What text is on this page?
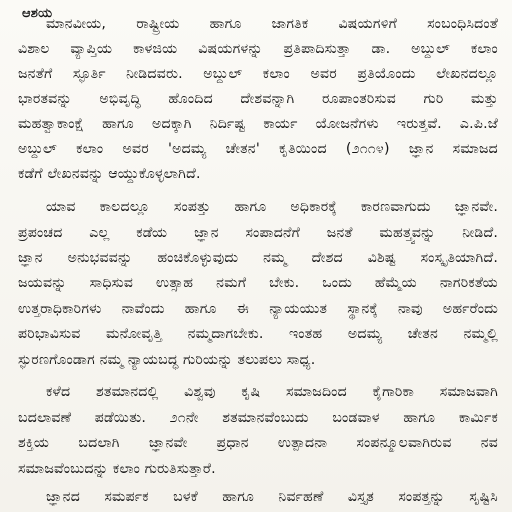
ಆಶಯ
ಮಾನವೀಯ, ರಾಷ್ಟ್ರೀಯ ಹಾಗೂ ಜಾಗತಿಕ ವಿಷಯಗಳಿಗೆ ಸಂಬಂಧಿಸಿದಂತೆ
ವಿಶಾಲ ವ್ಯಾಪ್ತಿಯ ಕಾಳಜಿಯ ವಿಷಯಗಳನ್ನು ಪ್ರತಿಪಾದಿಸುತ್ತಾ ಡಾ. ಅಬ್ದುಲ್ ಕಲಾಂ
ಜನತೆಗೆ ಸ್ಫೂರ್ತಿ ನೀಡಿದವರು. ಅಬ್ದುಲ್ ಕಲಾಂ ಅವರ ಪ್ರತಿಯೊಂದು ಲೇಖನದಲ್ಲೂ
ಭಾರತವನ್ನು ಅಭಿವೃದ್ಧಿ ಹೊಂದಿದ ದೇಶವನ್ನಾಗಿ ರೂಪಾಂತರಿಸುವ ಗುರಿ ಮತ್ತು
ಮಹತ್ವಾಕಾಂಕ್ಷೆ ಹಾಗೂ ಅದಕ್ಕಾಗಿ ನಿರ್ದಿಷ್ಟ ಕಾರ್ಯ ಯೋಜನೆಗಳು ಇರುತ್ತವೆ. ಎ.ಪಿ.ಜೆ
ಅಬ್ದುಲ್ ಕಲಾಂ ಅವರ 'ಅದಮ್ಯ ಚೇತನ' ಕೃತಿಯಿಂದ (೨೧೧೪) ಜ್ಞಾನ ಸಮಾಜದ
ಕಡೆಗೆ ಲೇಖನವನ್ನು ಆಯ್ದುಕೊಳ್ಳಲಾಗಿದೆ.
ಯಾವ ಕಾಲದಲ್ಲೂ ಸಂಪತ್ತು ಹಾಗೂ ಅಧಿಕಾರಕ್ಕೆ ಕಾರಣವಾಗುದು ಜ್ಞಾನವೇ.
ಪ್ರಪಂಚದ ಎಲ್ಲ ಕಡೆಯ ಜ್ಞಾನ ಸಂಪಾದನೆಗೆ ಜನತೆ ಮಹತ್ತ್ವವನ್ನು ನೀಡಿದೆ.
ಜ್ಞಾನ ಅನುಭವವನ್ನು ಹಂಚಿಕೊಳ್ಳುವುದು ನಮ್ಮ ದೇಶದ ವಿಶಿಷ್ಟ ಸಂಸ್ಕೃತಿಯಾಗಿದೆ.
ಜಯವನ್ನು ಸಾಧಿಸುವ ಉತ್ಸಾಹ ನಮಗೆ ಬೇಕು. ಒಂದು ಹೆಮ್ಮೆಯ ನಾಗರಿಕತೆಯ
ಉತ್ತರಾಧಿಕಾರಿಗಳು ನಾವೆಂದು ಹಾಗೂ ಈ ನ್ಯಾಯಯುತ ಸ್ಥಾನಕ್ಕೆ ನಾವು ಅರ್ಹರೆಂದು
ಪರಿಭಾವಿಸುವ ಮನೋವೃತ್ತಿ ನಮ್ಮದಾಗಬೇಕು. ಇಂತಹ ಅದಮ್ಯ ಚೇತನ ನಮ್ಮಲ್ಲಿ
ಸ್ಫುರಣಗೊಂಡಾಗ ನಮ್ಮ ನ್ಯಾಯಬದ್ಧ ಗುರಿಯನ್ನು ತಲುಪಲು ಸಾಧ್ಯ.
ಕಳೆದ ಶತಮಾನದಲ್ಲಿ ವಿಶ್ವವು ಕೃಷಿ ಸಮಾಜದಿಂದ ಕೈಗಾರಿಕಾ ಸಮಾಜವಾಗಿ
ಬದಲಾವಣೆ ಪಡೆಯಿತು. ೨೧ನೇ ಶತಮಾನವೆಂಬುದು ಬಂಡವಾಳ ಹಾಗೂ ಕಾರ್ಮಿಕ
ಶಕ್ತಿಯ ಬದಲಾಗಿ ಜ್ಞಾನವೇ ಪ್ರಧಾನ ಉತ್ಪಾದನಾ ಸಂಪನ್ಮೂಲವಾಗಿರುವ ನವ
ಸಮಾಜವೆಂಬುದನ್ನು ಕಲಾಂ ಗುರುತಿಸುತ್ತಾರೆ.
ಜ್ಞಾನದ ಸಮರ್ಪಕ ಬಳಕೆ ಹಾಗೂ ನಿರ್ವಹಣೆ ವಿಸ್ತೃತ ಸಂಪತ್ತನ್ನು ಸೃಷ್ಟಿಸಿ
